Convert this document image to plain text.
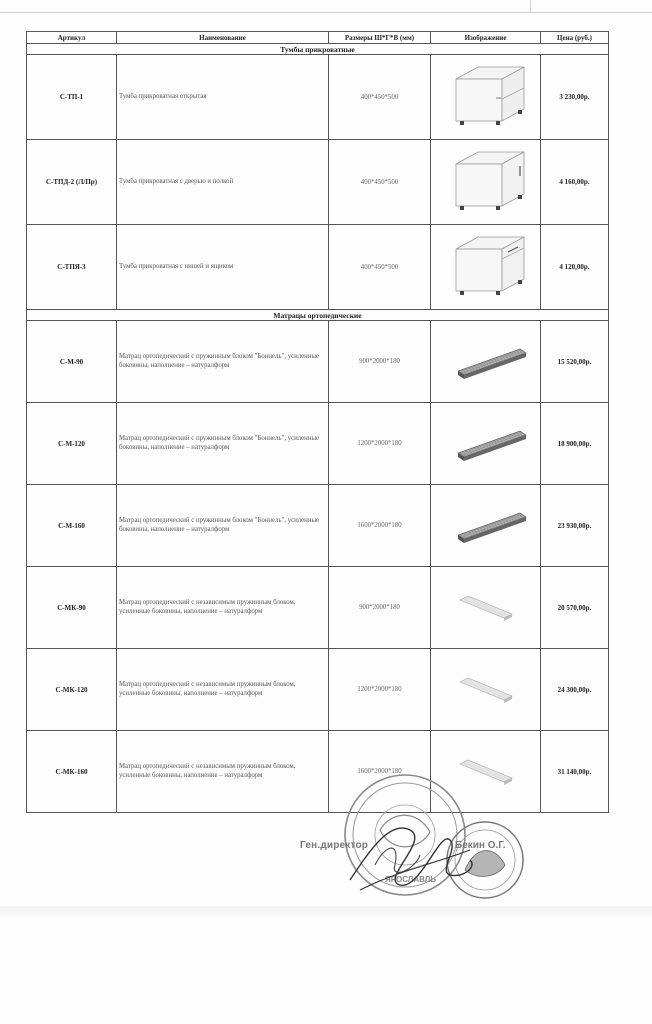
Артикул	Наименование	Размеры Ш*Г*В (мм)	Изображение	Цена (руб.)
Тумбы прикроватные				
С-ТП-1	Тумба прикроватная открытая	400*450*500		3 230,00р.
С-ТПД-2 (Л/Пр)	Тумба прикроватная с дверью и полкой	400*450*500		4 160,00р.
С-ТПЯ-3	Тумба прикроватная с нишей и ящиком	400*450*500		4 120,00р.
Матрацы ортопедические				
С-М-90	Матрац ортопедический с пружинным блоком "Боннель", усиленные боковины, наполнение – натуралформ	900*2000*180		15 520,00р.
С-М-120	Матрац ортопедический с пружинным блоком "Боннель", усиленные боковины, наполнение – натуралформ	1200*2000*180		18 900,00р.
С-М-160	Матрац ортопедический с пружинным блоком "Боннель", усиленные боковины, наполнение – натуралформ	1600*2000*180		23 930,00р.
С-МК-90	Матрац ортопедический с независимым пружинным блоком, усиленные боковины, наполнение – натуралформ	900*2000*180		20 570,00р.
С-МК-120	Матрац ортопедический с независимым пружинным блоком, усиленные боковины, наполнение – натуралформ	1200*2000*180		24 300,00р.
С-МК-160	Матрац ортопедический с независимым пружинным блоком, усиленные боковины, наполнение – натуралформ	1600*2000*180		31 140,00р.
ЯРОСЛАВЛЬ
Ген.директор	Бекин О.Г.
